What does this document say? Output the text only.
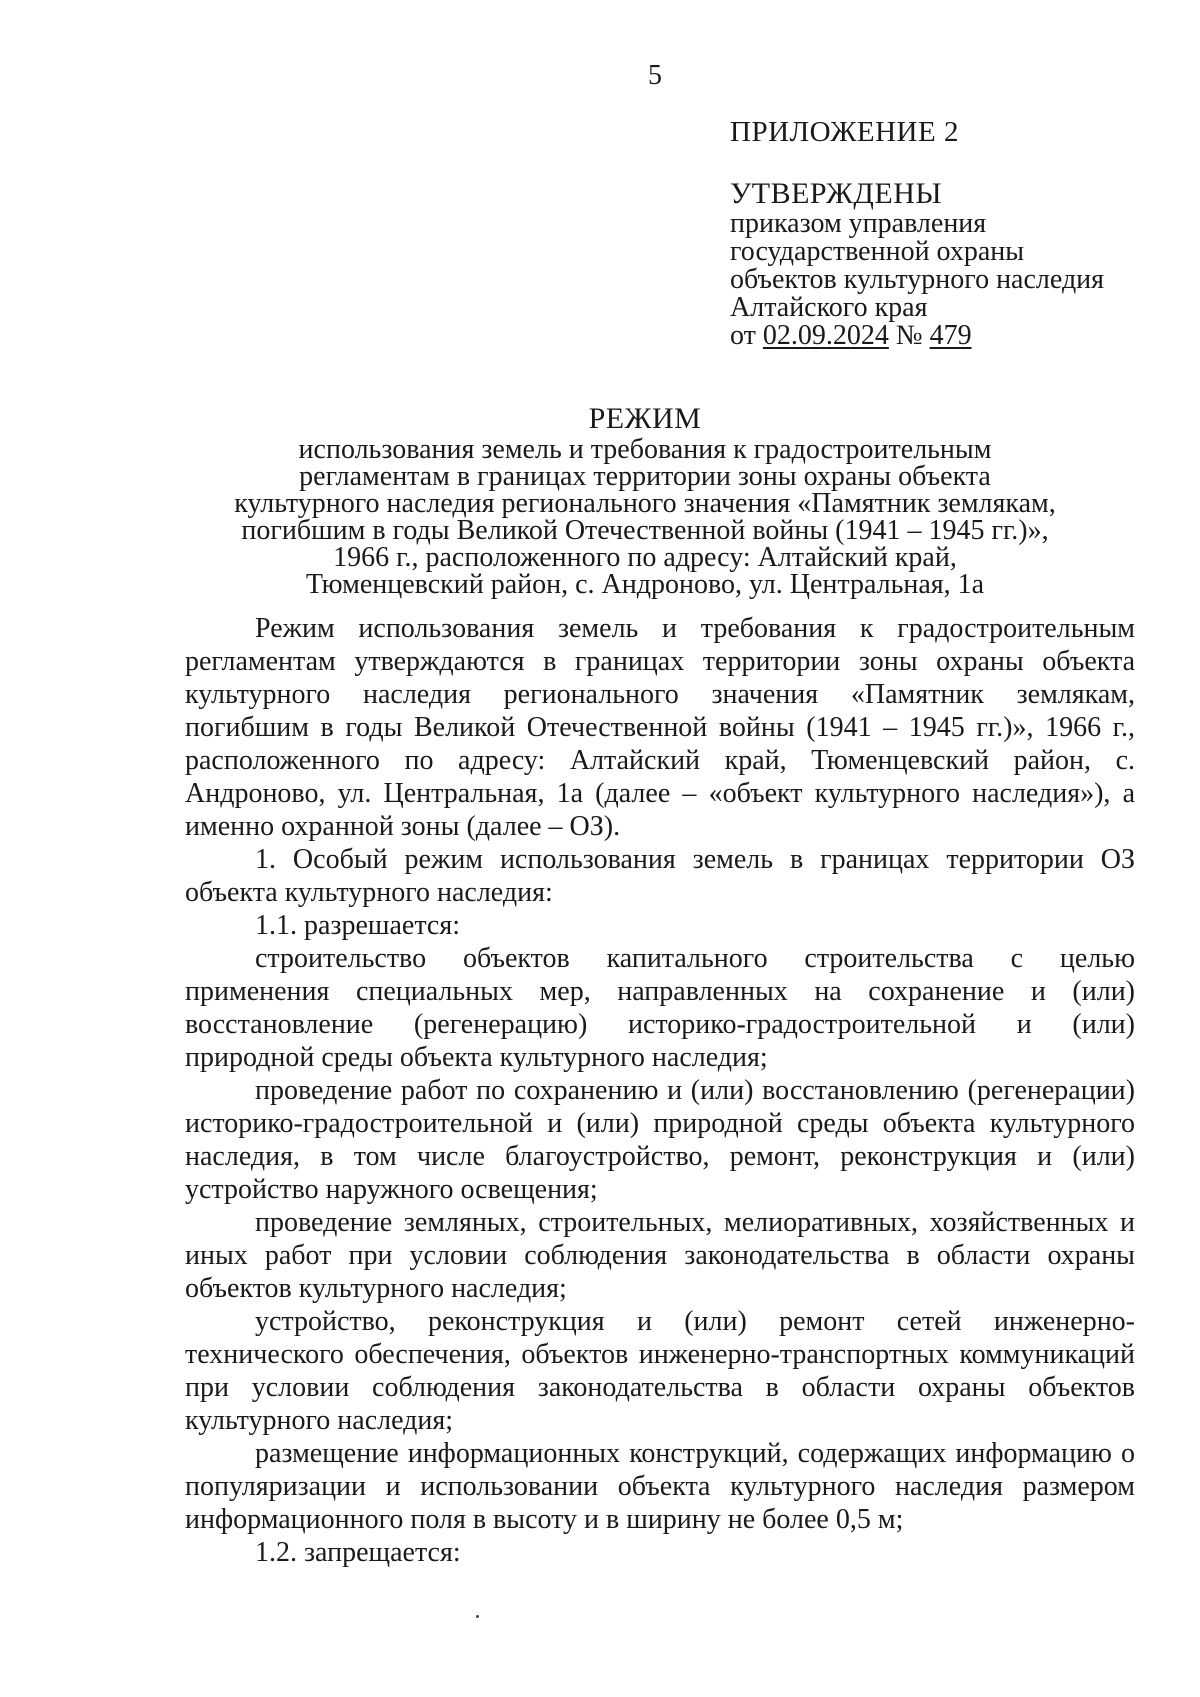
5
ПРИЛОЖЕНИЕ 2
УТВЕРЖДЕНЫ
приказом управления
государственной охраны
объектов культурного наследия
Алтайского края
от 02.09.2024 № 479
РЕЖИМ
использования земель и требования к градостроительным
регламентам в границах территории зоны охраны объекта
культурного наследия регионального значения «Памятник землякам,
погибшим в годы Великой Отечественной войны (1941 – 1945 гг.)»,
1966 г., расположенного по адресу: Алтайский край,
Тюменцевский район, с. Андроново, ул. Центральная, 1а

Режим использования земель и требования к градостроительным регламентам утверждаются в границах территории зоны охраны объекта культурного наследия регионального значения «Памятник землякам, погибшим в годы Великой Отечественной войны (1941 – 1945 гг.)», 1966 г., расположенного по адресу: Алтайский край, Тюменцевский район, с. Андроново, ул. Центральная, 1а (далее – «объект культурного наследия»), а именно охранной зоны (далее – ОЗ).

1. Особый режим использования земель в границах территории ОЗ объекта культурного наследия:

1.1. разрешается:

строительство объектов капитального строительства с целью применения специальных мер, направленных на сохранение и (или) восстановление (регенерацию) историко-градостроительной и (или) природной среды объекта культурного наследия;

проведение работ по сохранению и (или) восстановлению (регенерации) историко-градостроительной и (или) природной среды объекта культурного наследия, в том числе благоустройство, ремонт, реконструкция и (или) устройство наружного освещения;

проведение земляных, строительных, мелиоративных, хозяйственных и иных работ при условии соблюдения законодательства в области охраны объектов культурного наследия;

устройство, реконструкция и (или) ремонт сетей инженерно-технического обеспечения, объектов инженерно-транспортных коммуникаций при условии соблюдения законодательства в области охраны объектов культурного наследия;

размещение информационных конструкций, содержащих информацию о популяризации и использовании объекта культурного наследия размером информационного поля в высоту и в ширину не более 0,5 м;

1.2. запрещается:
